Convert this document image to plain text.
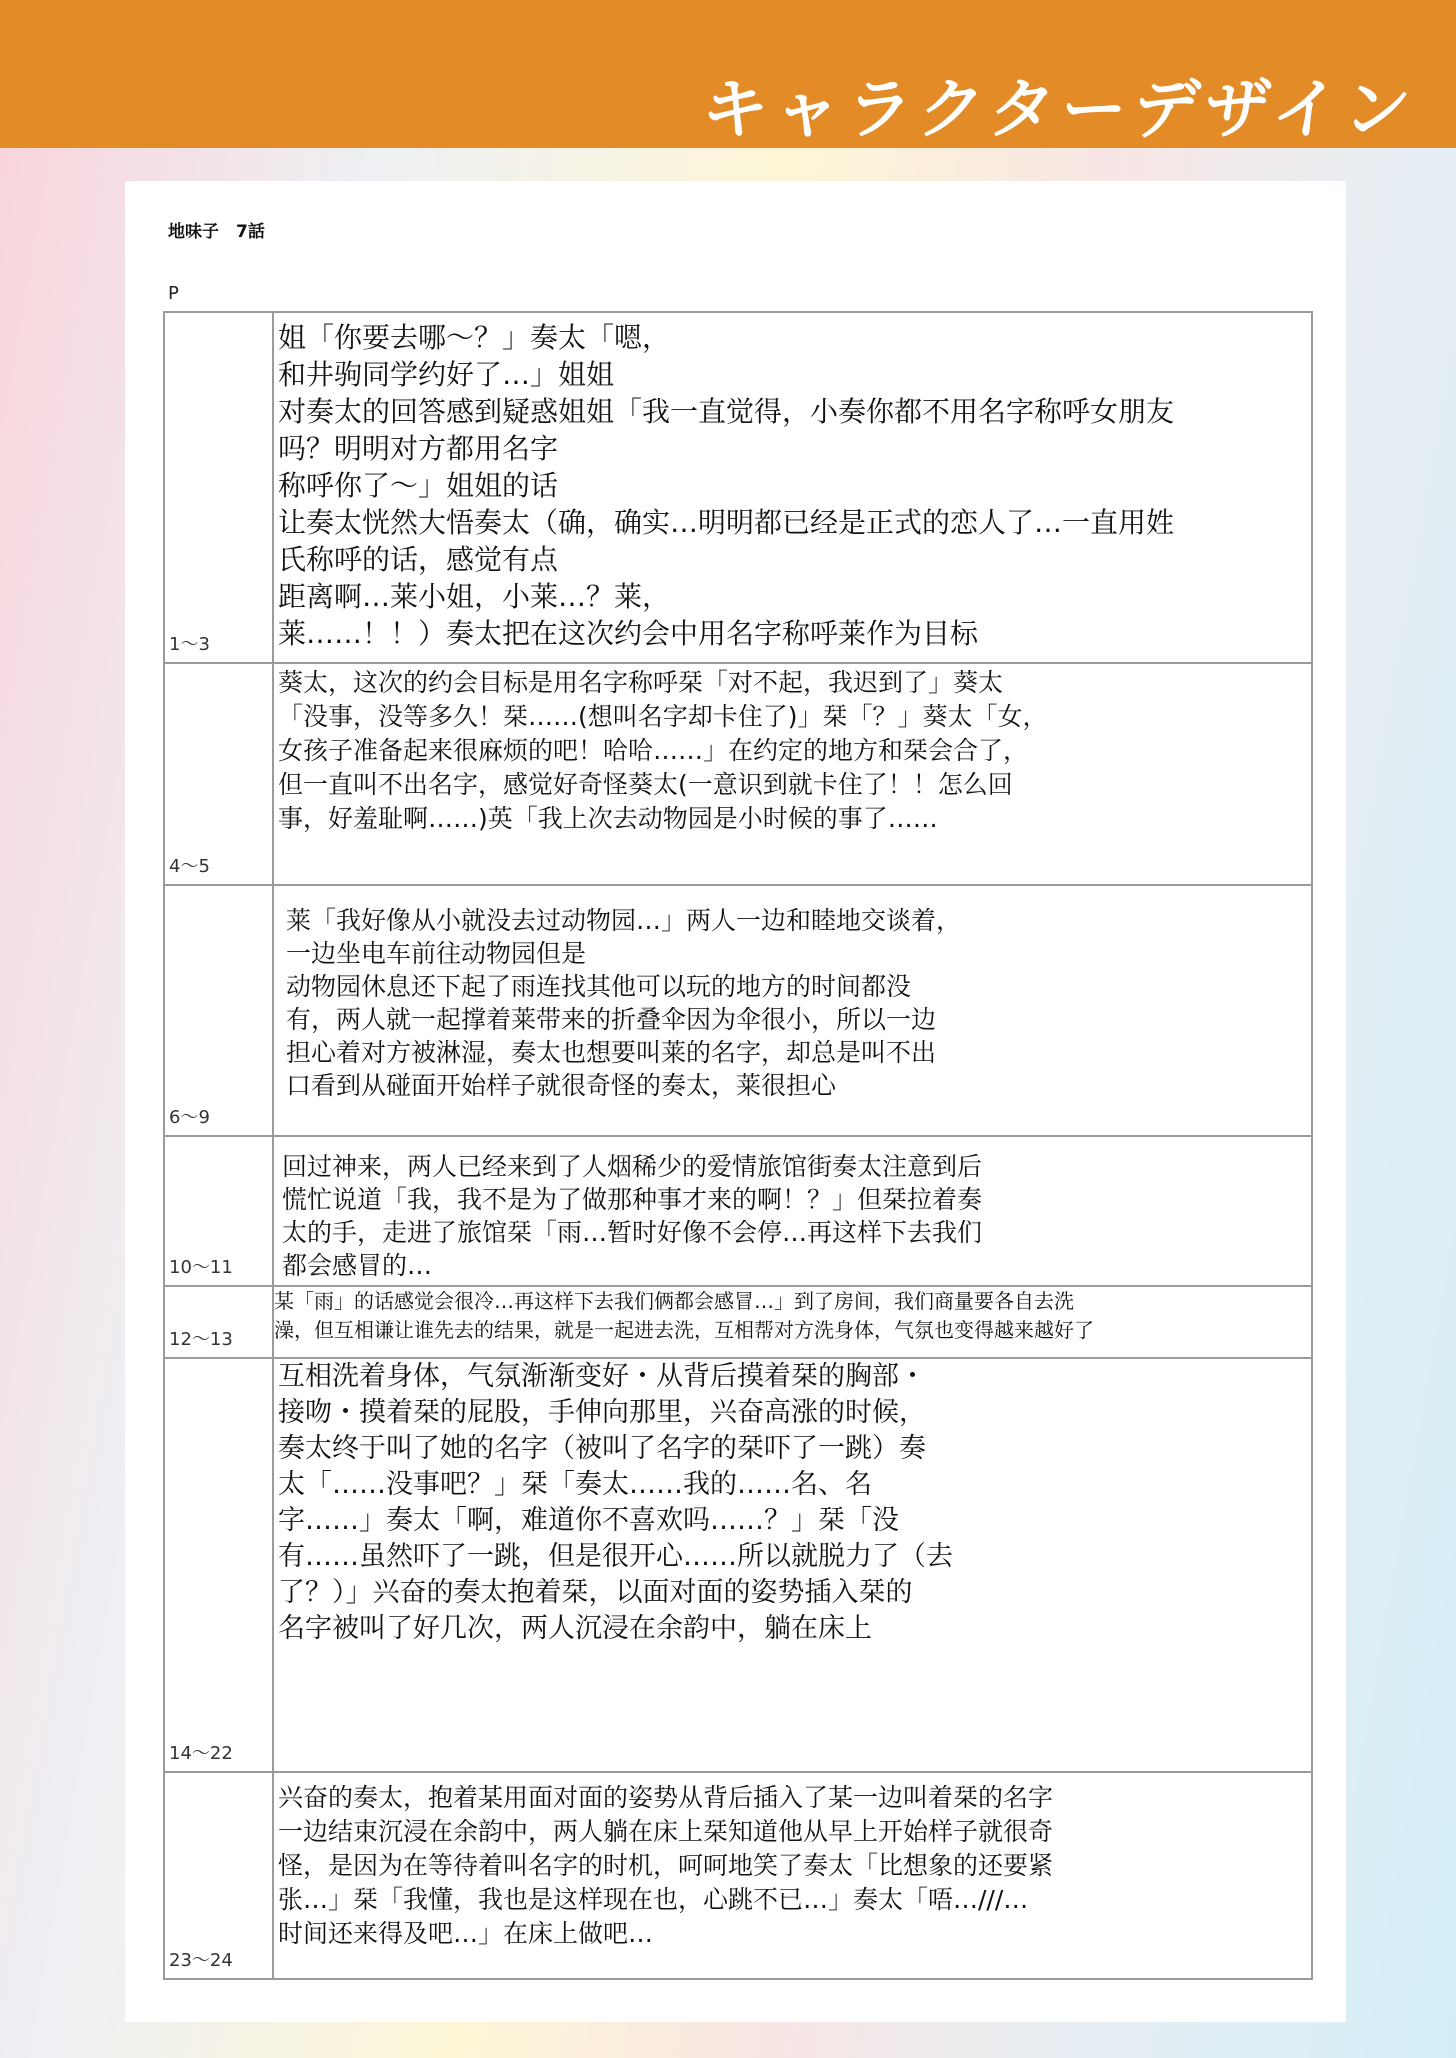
キャラクターデザイン
地味子　7話
P
1～3
姐「你要去哪～？」奏太「嗯，
和井驹同学约好了…」姐姐
对奏太的回答感到疑惑姐姐「我一直觉得，小奏你都不用名字称呼女朋友
吗？明明对方都用名字
称呼你了～」姐姐的话
让奏太恍然大悟奏太（确，确实…明明都已经是正式的恋人了…一直用姓
氏称呼的话，感觉有点
距离啊…莱小姐，小莱…？莱，
莱……！！）奏太把在这次约会中用名字称呼莱作为目标
4～5
葵太，这次的约会目标是用名字称呼栞「对不起，我迟到了」葵太
「没事，没等多久！栞……(想叫名字却卡住了)」栞「？」葵太「女，
女孩子准备起来很麻烦的吧！哈哈……」在约定的地方和栞会合了，
但一直叫不出名字，感觉好奇怪葵太(一意识到就卡住了！！怎么回
事，好羞耻啊……)英「我上次去动物园是小时候的事了……
6～9
莱「我好像从小就没去过动物园…」两人一边和睦地交谈着，
一边坐电车前往动物园但是
动物园休息还下起了雨连找其他可以玩的地方的时间都没
有，两人就一起撑着莱带来的折叠伞因为伞很小，所以一边
担心着对方被淋湿，奏太也想要叫莱的名字，却总是叫不出
口看到从碰面开始样子就很奇怪的奏太，莱很担心
10～11
回过神来，两人已经来到了人烟稀少的爱情旅馆街奏太注意到后
慌忙说道「我，我不是为了做那种事才来的啊！？」但栞拉着奏
太的手，走进了旅馆栞「雨…暂时好像不会停…再这样下去我们
都会感冒的…
12～13
某「雨」的话感觉会很冷…再这样下去我们俩都会感冒…」到了房间，我们商量要各自去洗
澡，但互相谦让谁先去的结果，就是一起进去洗，互相帮对方洗身体，气氛也变得越来越好了
14～22
互相洗着身体，气氛渐渐变好・从背后摸着栞的胸部・
接吻・摸着栞的屁股，手伸向那里，兴奋高涨的时候，
奏太终于叫了她的名字（被叫了名字的栞吓了一跳）奏
太「……没事吧？」栞「奏太……我的……名、名
字……」奏太「啊，难道你不喜欢吗……？」栞「没
有……虽然吓了一跳，但是很开心……所以就脱力了（去
了？）」兴奋的奏太抱着栞，以面对面的姿势插入栞的
名字被叫了好几次，两人沉浸在余韵中，躺在床上
23～24
兴奋的奏太，抱着某用面对面的姿势从背后插入了某一边叫着栞的名字
一边结束沉浸在余韵中，两人躺在床上栞知道他从早上开始样子就很奇
怪，是因为在等待着叫名字的时机，呵呵地笑了奏太「比想象的还要紧
张…」栞「我懂，我也是这样现在也，心跳不已…」奏太「唔…///…
时间还来得及吧…」在床上做吧…
